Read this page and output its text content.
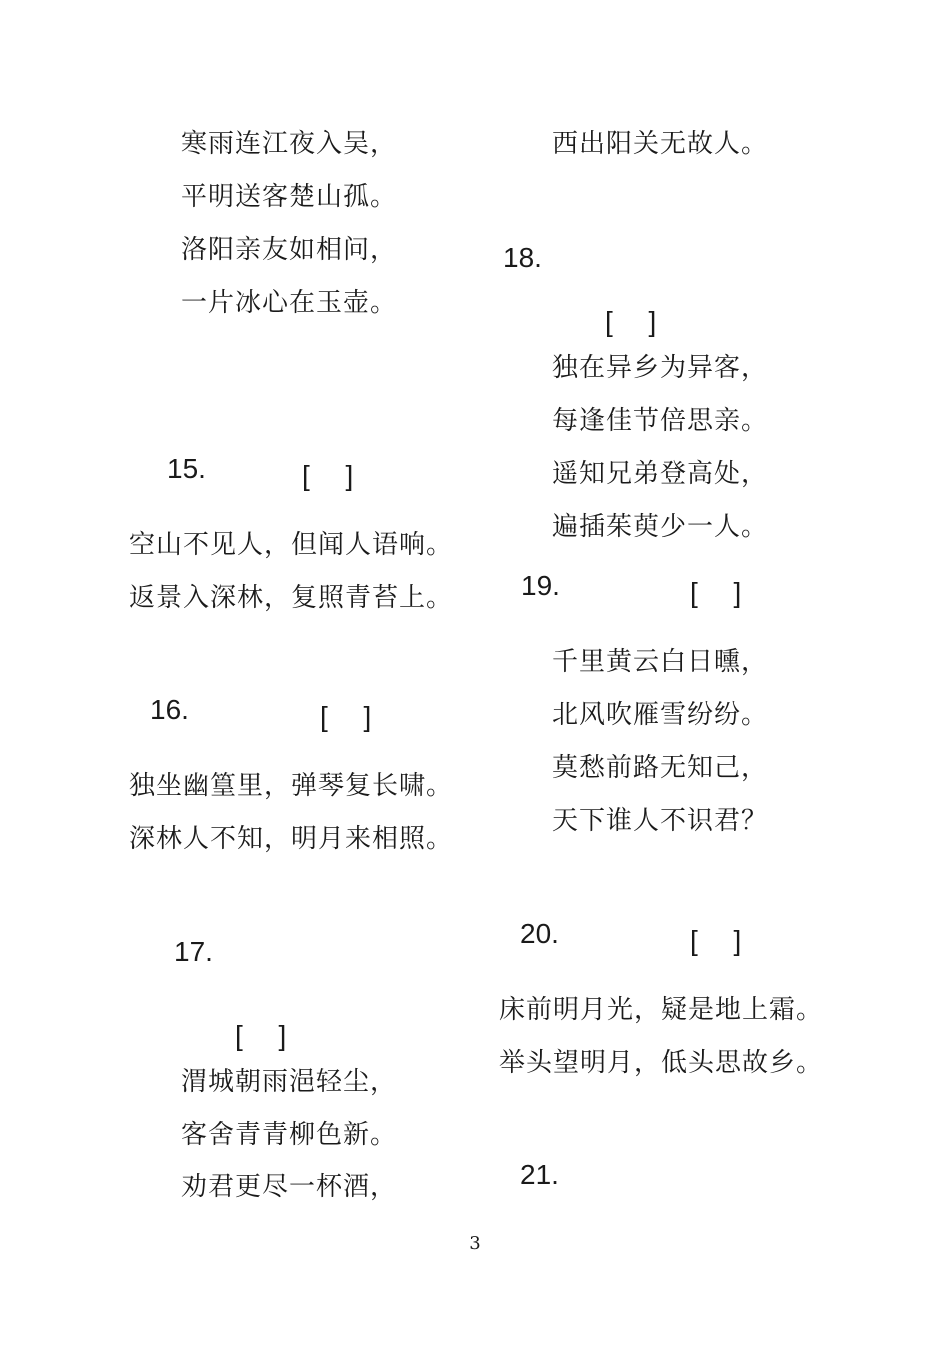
寒雨连江夜入吴，
平明送客楚山孤。
洛阳亲友如相问，
一片冰心在玉壶。
15.	[ ]
空山不见人，但闻人语响。
返景入深林，复照青苔上。
16.	[ ]
独坐幽篁里，弹琴复长啸。
深林人不知，明月来相照。
17.
[ ]
渭城朝雨浥轻尘，
客舍青青柳色新。
劝君更尽一杯酒，
西出阳关无故人。
18.
[ ]
独在异乡为异客，
每逢佳节倍思亲。
遥知兄弟登高处，
遍插茱萸少一人。
19.	[ ]
千里黄云白日曛，
北风吹雁雪纷纷。
莫愁前路无知己，
天下谁人不识君？
20.	[ ]
床前明月光，疑是地上霜。
举头望明月，低头思故乡。
21.
3
